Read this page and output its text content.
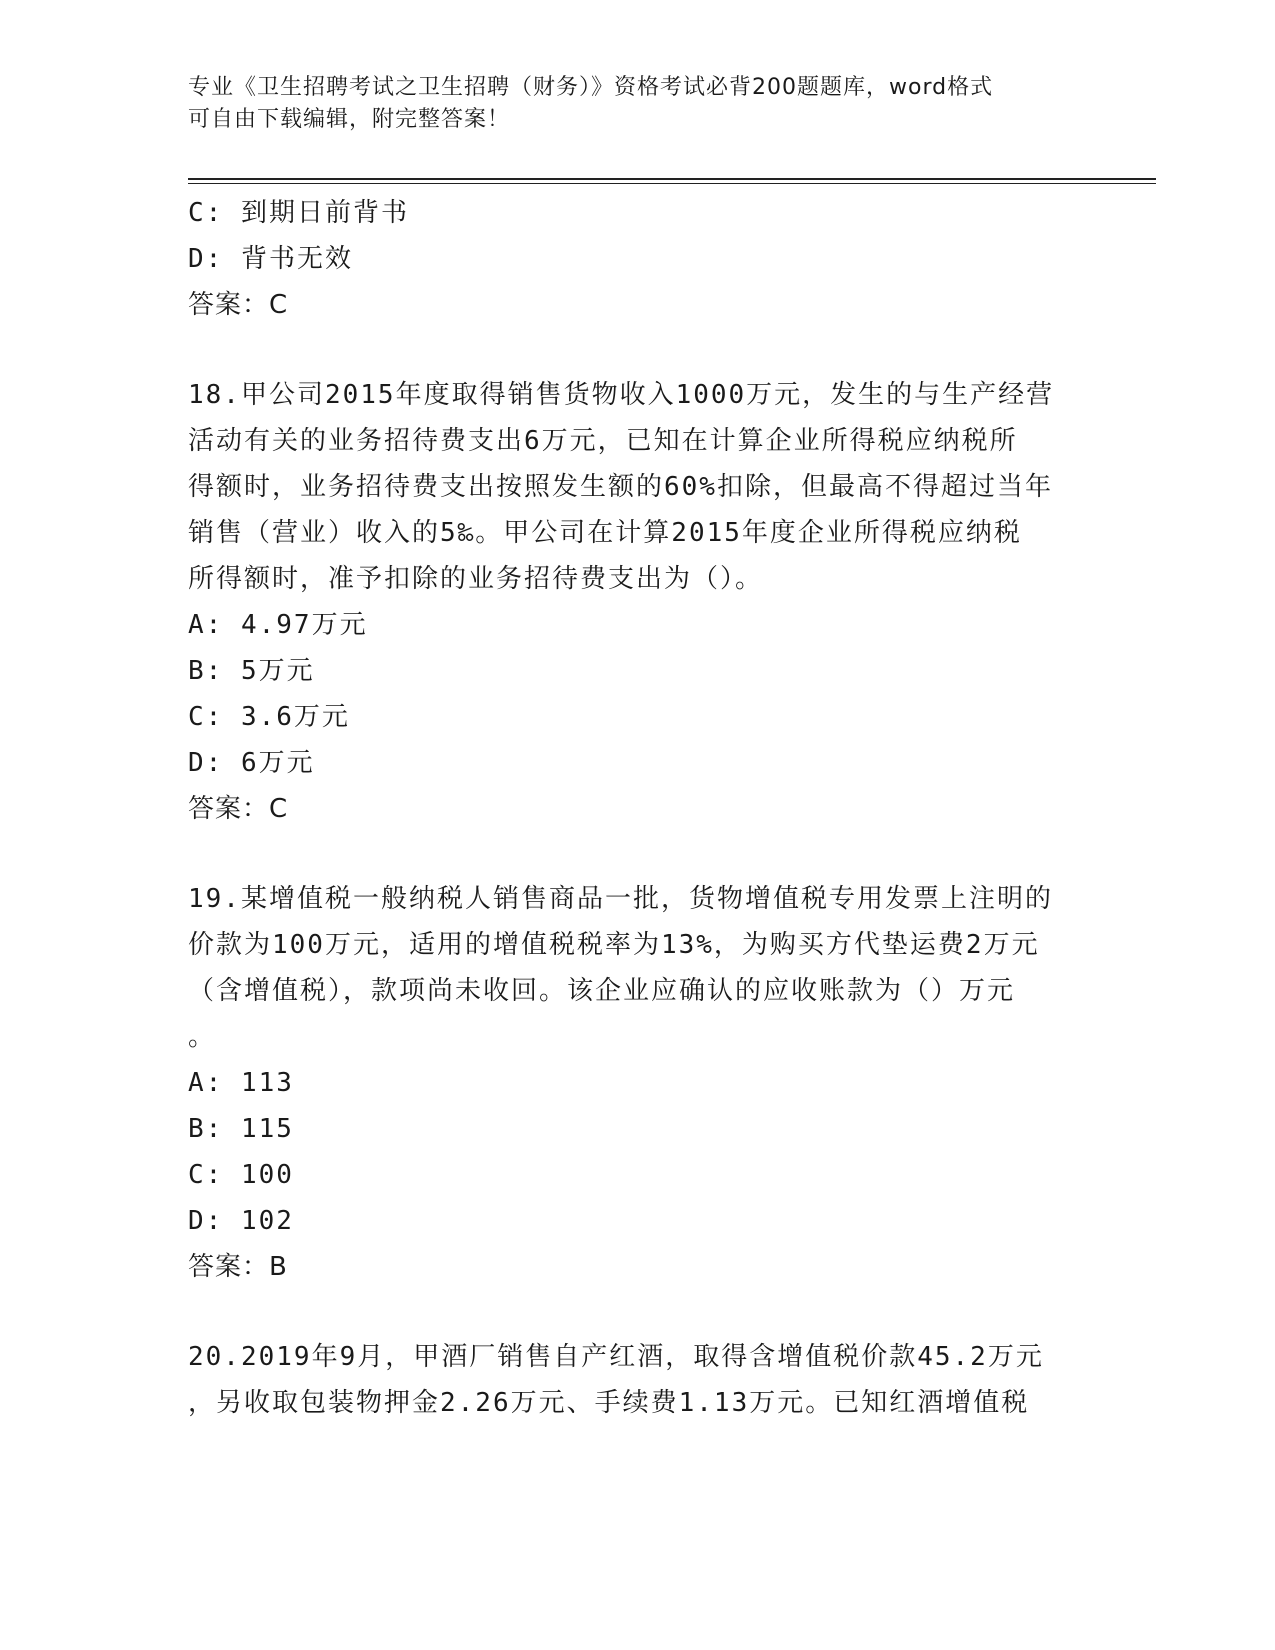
专业《卫生招聘考试之卫生招聘（财务）》资格考试必背200题题库，word格式
可自由下载编辑，附完整答案！
C: 到期日前背书
D: 背书无效
答案：C
18.甲公司2015年度取得销售货物收入1000万元，发生的与生产经营
活动有关的业务招待费支出6万元，已知在计算企业所得税应纳税所
得额时，业务招待费支出按照发生额的60%扣除，但最高不得超过当年
销售（营业）收入的5‰。甲公司在计算2015年度企业所得税应纳税
所得额时，准予扣除的业务招待费支出为（）。
A: 4.97万元
B: 5万元
C: 3.6万元
D: 6万元
答案：C
19.某增值税一般纳税人销售商品一批，货物增值税专用发票上注明的
价款为100万元，适用的增值税税率为13%，为购买方代垫运费2万元
（含增值税），款项尚未收回。该企业应确认的应收账款为（）万元
。
A: 113
B: 115
C: 100
D: 102
答案：B
20.2019年9月，甲酒厂销售自产红酒，取得含增值税价款45.2万元
，另收取包装物押金2.26万元、手续费1.13万元。已知红酒增值税
